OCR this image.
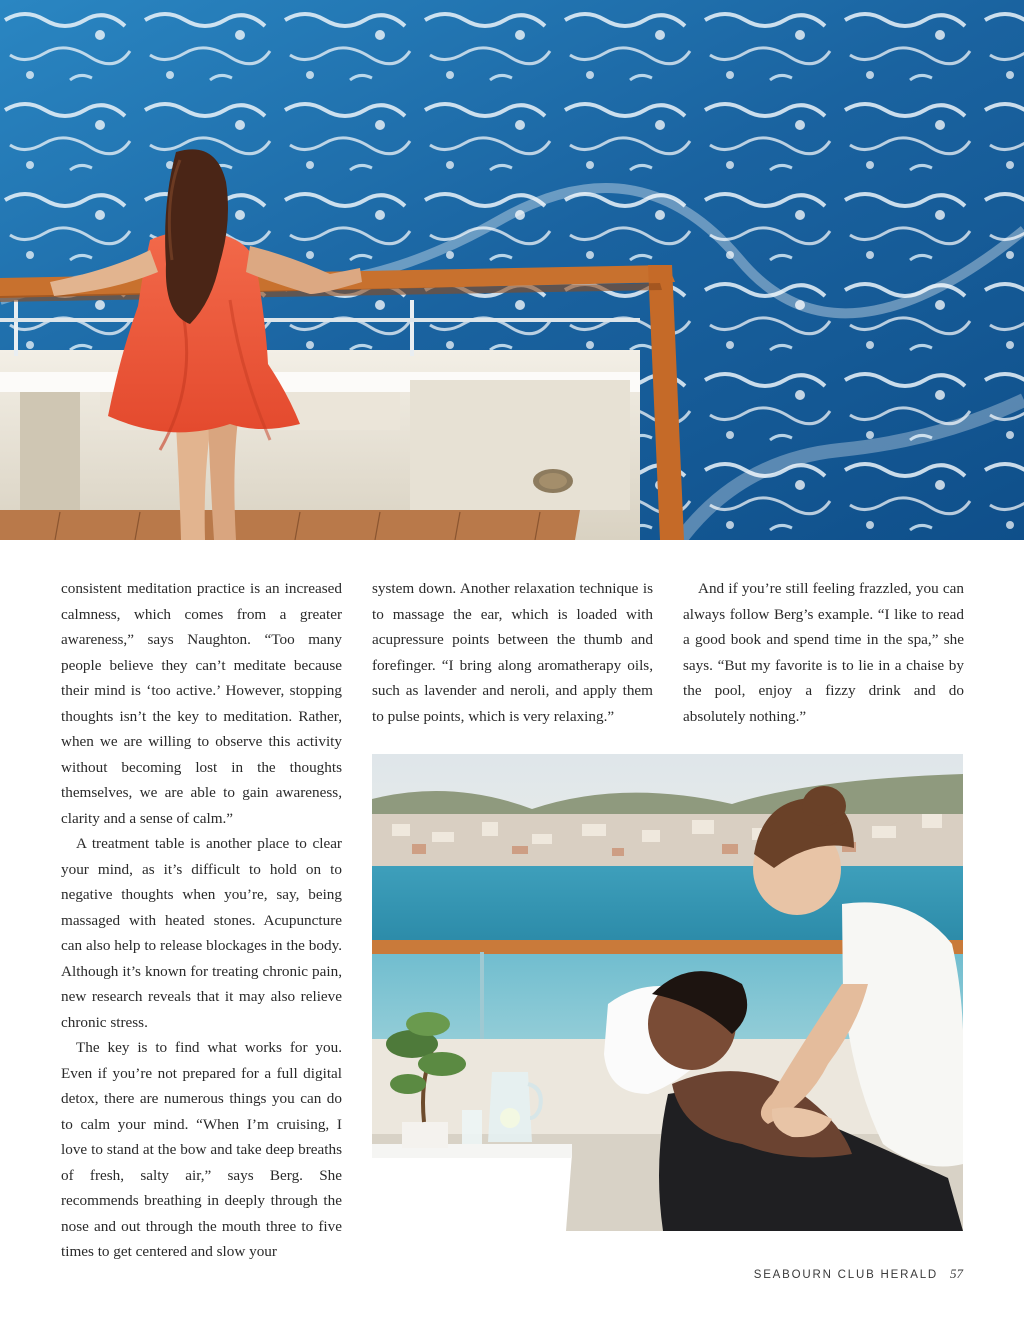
consistent meditation practice is an increased calmness, which comes from a greater awareness,” says Naughton. “Too many people believe they can’t meditate because their mind is ‘too active.’ However, stopping thoughts isn’t the key to meditation. Rather, when we are willing to observe this activity without becoming lost in the thoughts themselves, we are able to gain awareness, clarity and a sense of calm.”

A treatment table is another place to clear your mind, as it’s difficult to hold on to negative thoughts when you’re, say, being massaged with heated stones. Acupuncture can also help to release blockages in the body. Although it’s known for treating chronic pain, new research reveals that it may also relieve chronic stress.

The key is to find what works for you. Even if you’re not prepared for a full digital detox, there are numerous things you can do to calm your mind. “When I’m cruising, I love to stand at the bow and take deep breaths of fresh, salty air,” says Berg. She recommends breathing in deeply through the nose and out through the mouth three to five times to get centered and slow your

system down. Another relaxation technique is to massage the ear, which is loaded with acupressure points between the thumb and forefinger. “I bring along aromatherapy oils, such as lavender and neroli, and apply them to pulse points, which is very relaxing.”

And if you’re still feeling frazzled, you can always follow Berg’s example. “I like to read a good book and spend time in the spa,” she says. “But my favorite is to lie in a chaise by the pool, enjoy a fizzy drink and do absolutely nothing.”

SEABOURN CLUB HERALD 57
